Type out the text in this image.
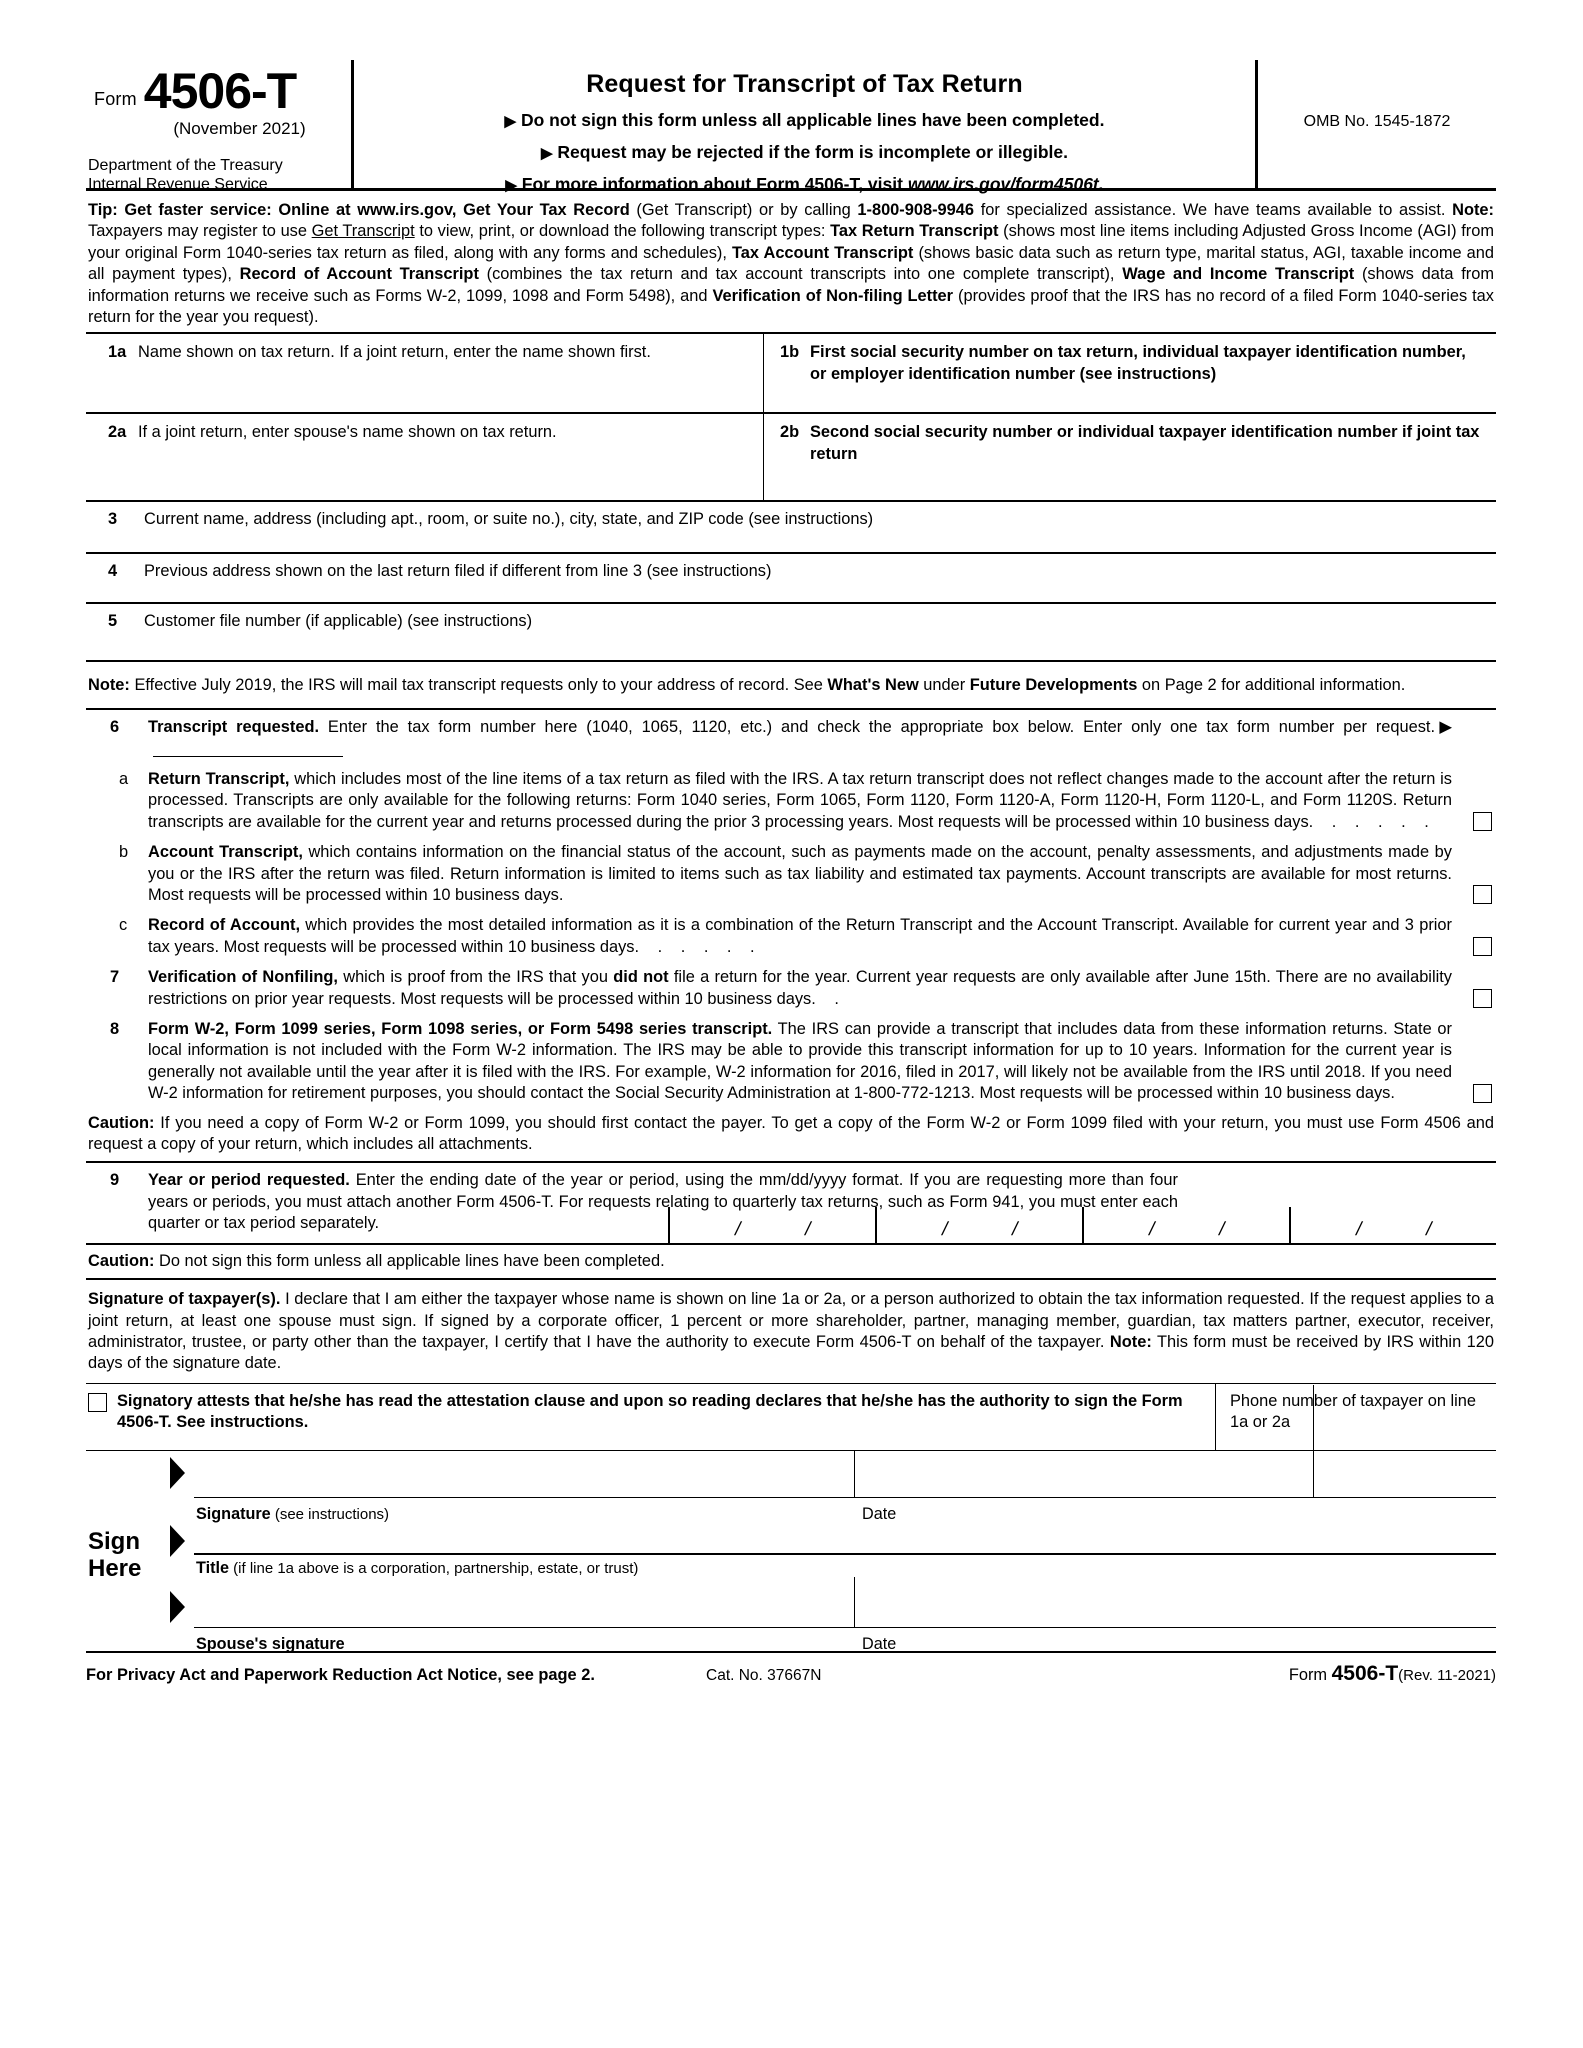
Form 4506-T
(November 2021)
Department of the Treasury
Internal Revenue Service
Request for Transcript of Tax Return
▶ Do not sign this form unless all applicable lines have been completed.
▶ Request may be rejected if the form is incomplete or illegible.
▶ For more information about Form 4506-T, visit www.irs.gov/form4506t.
OMB No. 1545-1872
Tip: Get faster service: Online at www.irs.gov, Get Your Tax Record (Get Transcript) or by calling 1-800-908-9946 for specialized assistance. We have teams available to assist. Note: Taxpayers may register to use Get Transcript to view, print, or download the following transcript types: Tax Return Transcript (shows most line items including Adjusted Gross Income (AGI) from your original Form 1040-series tax return as filed, along with any forms and schedules), Tax Account Transcript (shows basic data such as return type, marital status, AGI, taxable income and all payment types), Record of Account Transcript (combines the tax return and tax account transcripts into one complete transcript), Wage and Income Transcript (shows data from information returns we receive such as Forms W-2, 1099, 1098 and Form 5498), and Verification of Non-filing Letter (provides proof that the IRS has no record of a filed Form 1040-series tax return for the year you request).
1a Name shown on tax return. If a joint return, enter the name shown first.	1b First social security number on tax return, individual taxpayer identification number, or employer identification number (see instructions)
2a If a joint return, enter spouse's name shown on tax return.	2b Second social security number or individual taxpayer identification number if joint tax return
3	Current name, address (including apt., room, or suite no.), city, state, and ZIP code (see instructions)
4	Previous address shown on the last return filed if different from line 3 (see instructions)
5	Customer file number (if applicable) (see instructions)
Note: Effective July 2019, the IRS will mail tax transcript requests only to your address of record. See What's New under Future Developments on Page 2 for additional information.
6	Transcript requested. Enter the tax form number here (1040, 1065, 1120, etc.) and check the appropriate box below. Enter only one tax form number per request.▶
a	Return Transcript, which includes most of the line items of a tax return as filed with the IRS. A tax return transcript does not reflect changes made to the account after the return is processed. Transcripts are only available for the following returns: Form 1040 series, Form 1065, Form 1120, Form 1120-A, Form 1120-H, Form 1120-L, and Form 1120S. Return transcripts are available for the current year and returns processed during the prior 3 processing years. Most requests will be processed within 10 business days. . . . . .
b	Account Transcript, which contains information on the financial status of the account, such as payments made on the account, penalty assessments, and adjustments made by you or the IRS after the return was filed. Return information is limited to items such as tax liability and estimated tax payments. Account transcripts are available for most returns. Most requests will be processed within 10 business days.
c	Record of Account, which provides the most detailed information as it is a combination of the Return Transcript and the Account Transcript. Available for current year and 3 prior tax years. Most requests will be processed within 10 business days. . . . . .
7	Verification of Nonfiling, which is proof from the IRS that you did not file a return for the year. Current year requests are only available after June 15th. There are no availability restrictions on prior year requests. Most requests will be processed within 10 business days. .
8	Form W-2, Form 1099 series, Form 1098 series, or Form 5498 series transcript. The IRS can provide a transcript that includes data from these information returns. State or local information is not included with the Form W-2 information. The IRS may be able to provide this transcript information for up to 10 years. Information for the current year is generally not available until the year after it is filed with the IRS. For example, W-2 information for 2016, filed in 2017, will likely not be available from the IRS until 2018. If you need W-2 information for retirement purposes, you should contact the Social Security Administration at 1-800-772-1213. Most requests will be processed within 10 business days.
Caution: If you need a copy of Form W-2 or Form 1099, you should first contact the payer. To get a copy of the Form W-2 or Form 1099 filed with your return, you must use Form 4506 and request a copy of your return, which includes all attachments.
9	Year or period requested. Enter the ending date of the year or period, using the mm/dd/yyyy format. If you are requesting more than four years or periods, you must attach another Form 4506-T. For requests relating to quarterly tax returns, such as Form 941, you must enter each quarter or tax period separately.	/	/	/	/	/	/	/	/
Caution: Do not sign this form unless all applicable lines have been completed.
Signature of taxpayer(s). I declare that I am either the taxpayer whose name is shown on line 1a or 2a, or a person authorized to obtain the tax information requested. If the request applies to a joint return, at least one spouse must sign. If signed by a corporate officer, 1 percent or more shareholder, partner, managing member, guardian, tax matters partner, executor, receiver, administrator, trustee, or party other than the taxpayer, I certify that I have the authority to execute Form 4506-T on behalf of the taxpayer. Note: This form must be received by IRS within 120 days of the signature date.
Signatory attests that he/she has read the attestation clause and upon so reading declares that he/she has the authority to sign the Form 4506-T. See instructions.
Phone number of taxpayer on line 1a or 2a
Sign
Here
Signature (see instructions)	Date
Title (if line 1a above is a corporation, partnership, estate, or trust)
Spouse's signature	Date
For Privacy Act and Paperwork Reduction Act Notice, see page 2.	Cat. No. 37667N	Form 4506-T(Rev. 11-2021)
